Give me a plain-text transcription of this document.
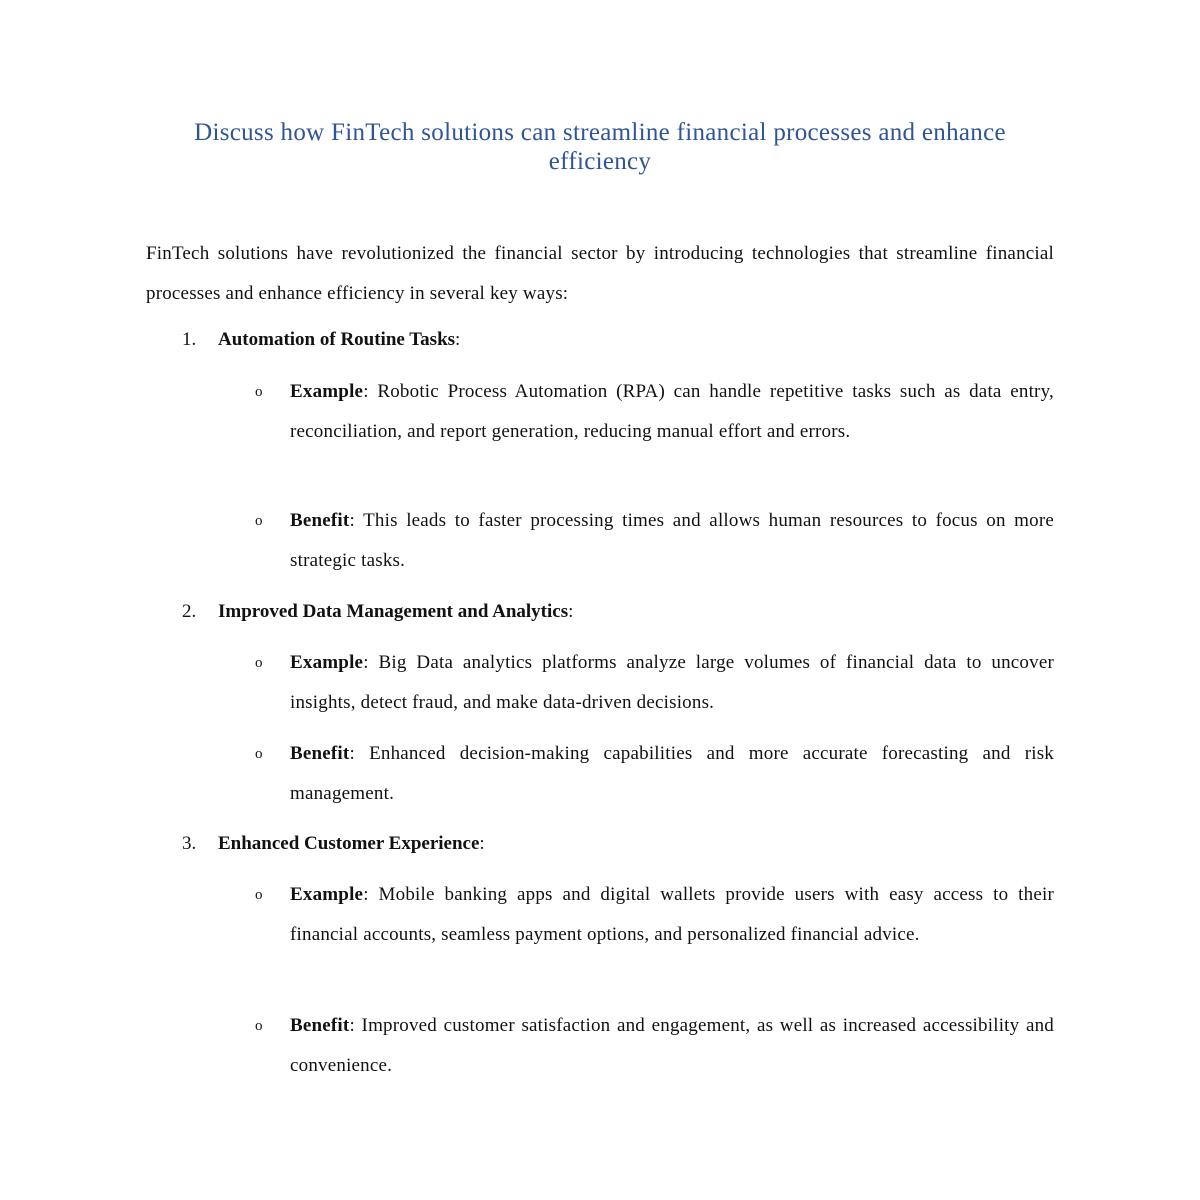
Discuss how FinTech solutions can streamline financial processes and enhance efficiency

FinTech solutions have revolutionized the financial sector by introducing technologies that streamline financial processes and enhance efficiency in several key ways:

1. Automation of Routine Tasks:
o Example: Robotic Process Automation (RPA) can handle repetitive tasks such as data entry, reconciliation, and report generation, reducing manual effort and errors.

o Benefit: This leads to faster processing times and allows human resources to focus on more strategic tasks.

2. Improved Data Management and Analytics:
o Example: Big Data analytics platforms analyze large volumes of financial data to uncover insights, detect fraud, and make data-driven decisions.

o Benefit: Enhanced decision-making capabilities and more accurate forecasting and risk management.

3. Enhanced Customer Experience:
o Example: Mobile banking apps and digital wallets provide users with easy access to their financial accounts, seamless payment options, and personalized financial advice.

o Benefit: Improved customer satisfaction and engagement, as well as increased accessibility and convenience.
